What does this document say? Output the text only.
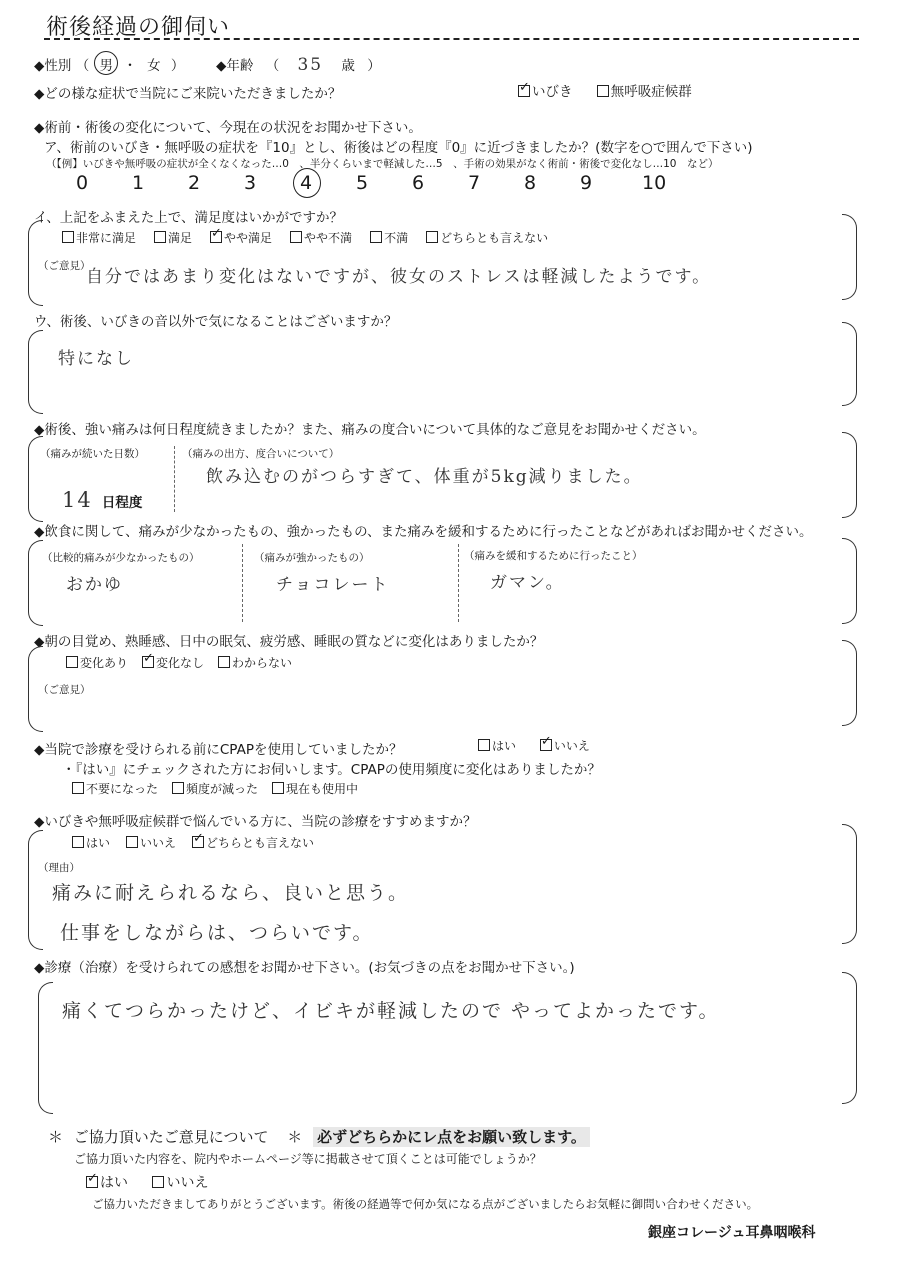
術後経過の御伺い
◆性別 （ 男 ・ 女 ） ◆年齢 （ 35 歳 ）
◆どの様な症状で当院にご来院いただきましたか？ ✓	いびき	無呼吸症候群
◆術前・術後の変化について、今現在の状況をお聞かせ下さい。
ア、術前のいびき・無呼吸の症状を『10』とし、術後はどの程度『0』に近づきましたか？(数字を○で囲んで下さい)
（【例】いびきや無呼吸の症状が全くなくなった…0　、半分くらいまで軽減した…5　、手術の効果がなく術前・術後で変化なし…10　など）
0 1 2 3 4 5 6 7 8 9	10
イ、上記をふまえた上で、満足度はいかがですか？
非常に満足	満足 ✓	やや満足	やや不満	不満	どちらとも言えない
（ご意見）
自分ではあまり変化はないですが、彼女のストレスは軽減したようです。
ウ、術後、いびきの音以外で気になることはございますか？
特になし
◆術後、強い痛みは何日程度続きましたか？また、痛みの度合いについて具体的なご意見をお聞かせください。
（痛みが続いた日数）
14 日程度
（痛みの出方、度合いについて）
飲み込むのがつらすぎて、体重が5kg減りました。
◆飲食に関して、痛みが少なかったもの、強かったもの、また痛みを緩和するために行ったことなどがあればお聞かせください。
（比較的痛みが少なかったもの）
おかゆ
（痛みが強かったもの）
チョコレート
（痛みを緩和するために行ったこと）
ガマン。
◆朝の目覚め、熟睡感、日中の眠気、疲労感、睡眠の質などに変化はありましたか？
変化あり ✓ 変化なし わからない
（ご意見）
◆当院で診療を受けられる前にCPAPを使用していましたか？	はい ✓	いいえ
・『はい』にチェックされた方にお伺いします。CPAPの使用頻度に変化はありましたか？
不要になった 頻度が減った 現在も使用中
◆いびきや無呼吸症候群で悩んでいる方に、当院の診療をすすめますか？
はい	いいえ ✓	どちらとも言えない
（理由）
痛みに耐えられるなら、良いと思う。
仕事をしながらは、つらいです。
◆診療（治療）を受けられての感想をお聞かせ下さい。(お気づきの点をお聞かせ下さい。)
痛くてつらかったけど、イビキが軽減したので やってよかったです。
＊ ご協力頂いたご意見について ＊ 必ずどちらかにレ点をお願い致します。
ご協力頂いた内容を、院内やホームページ等に掲載させて頂くことは可能でしょうか？
✓はい	いいえ
ご協力いただきましてありがとうございます。術後の経過等で何か気になる点がございましたらお気軽に御問い合わせください。
銀座コレージュ耳鼻咽喉科
